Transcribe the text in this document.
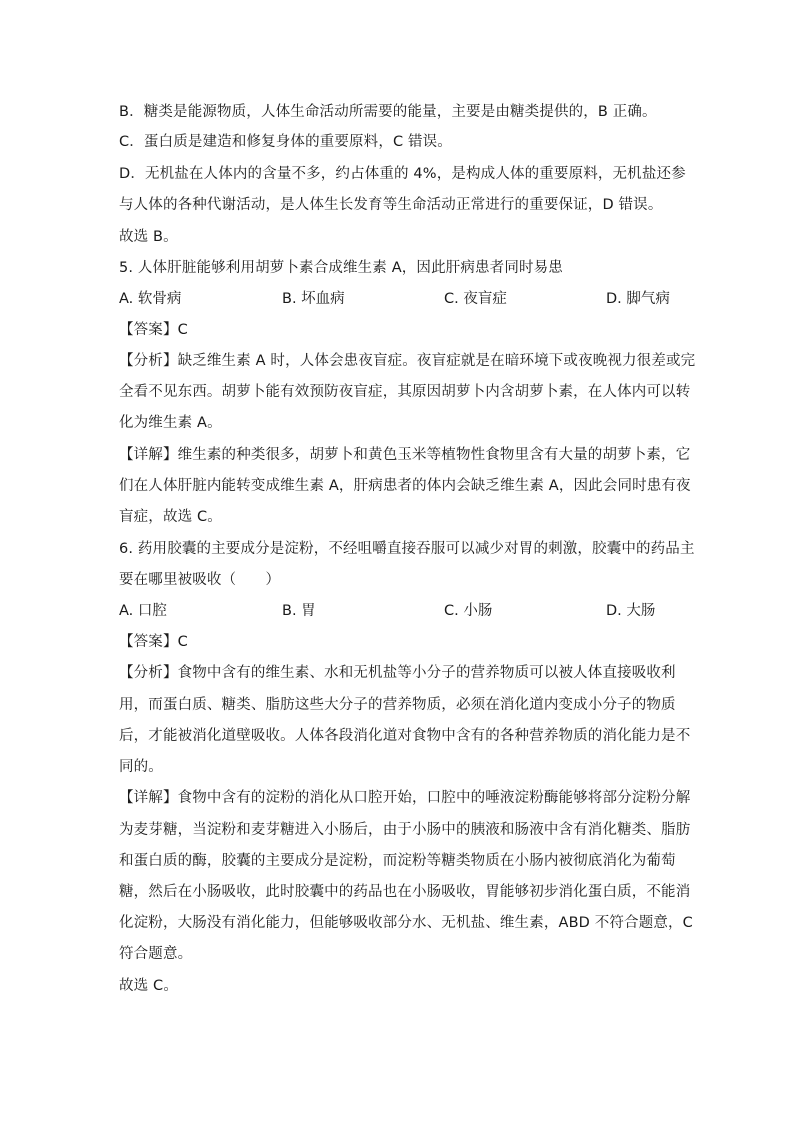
B．糖类是能源物质，人体生命活动所需要的能量，主要是由糖类提供的，B 正确。
C．蛋白质是建造和修复身体的重要原料，C 错误。
D．无机盐在人体内的含量不多，约占体重的 4%，是构成人体的重要原料，无机盐还参
与人体的各种代谢活动，是人体生长发育等生命活动正常进行的重要保证，D 错误。
故选 B。
5. 人体肝脏能够利用胡萝卜素合成维生素 A，因此肝病患者同时易患
A. 软骨病	B. 坏血病	C. 夜盲症	D. 脚气病
【答案】C
【分析】缺乏维生素 A 时，人体会患夜盲症。夜盲症就是在暗环境下或夜晚视力很差或完
全看不见东西。胡萝卜能有效预防夜盲症，其原因胡萝卜内含胡萝卜素，在人体内可以转
化为维生素 A。
【详解】维生素的种类很多，胡萝卜和黄色玉米等植物性食物里含有大量的胡萝卜素，它
们在人体肝脏内能转变成维生素 A，肝病患者的体内会缺乏维生素 A，因此会同时患有夜
盲症，故选 C。
6. 药用胶囊的主要成分是淀粉，不经咀嚼直接吞服可以减少对胃的刺激，胶囊中的药品主
要在哪里被吸收（　　）
A. 口腔	B. 胃	C. 小肠	D. 大肠
【答案】C
【分析】食物中含有的维生素、水和无机盐等小分子的营养物质可以被人体直接吸收利
用，而蛋白质、糖类、脂肪这些大分子的营养物质，必须在消化道内变成小分子的物质
后，才能被消化道壁吸收。人体各段消化道对食物中含有的各种营养物质的消化能力是不
同的。
【详解】食物中含有的淀粉的消化从口腔开始，口腔中的唾液淀粉酶能够将部分淀粉分解
为麦芽糖，当淀粉和麦芽糖进入小肠后，由于小肠中的胰液和肠液中含有消化糖类、脂肪
和蛋白质的酶，胶囊的主要成分是淀粉，而淀粉等糖类物质在小肠内被彻底消化为葡萄
糖，然后在小肠吸收，此时胶囊中的药品也在小肠吸收，胃能够初步消化蛋白质，不能消
化淀粉，大肠没有消化能力，但能够吸收部分水、无机盐、维生素，ABD 不符合题意，C
符合题意。
故选 C。
